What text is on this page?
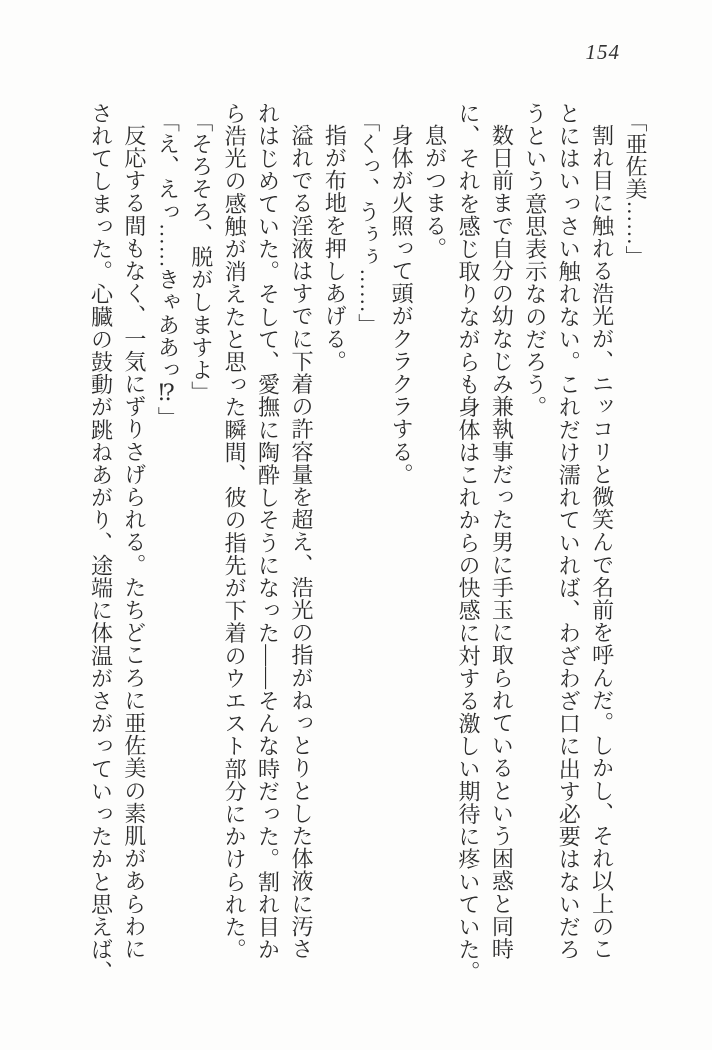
154

「亜佐美……」

割れ目に触れる浩光が、ニッコリと微笑んで名前を呼んだ。しかし、それ以上のこ

とにはいっさい触れない。これだけ濡れていれば、わざわざ口に出す必要はないだろ

うという意思表示なのだろう。

数日前まで自分の幼なじみ兼執事だった男に手玉に取られているという困惑と同時

に、それを感じ取りながらも身体はこれからの快感に対する激しい期待に疼いていた。

息がつまる。

身体が火照って頭がクラクラする。

「くっ、うぅぅ……」

指が布地を押しあげる。

溢れでる淫液はすでに下着の許容量を超え、浩光の指がねっとりとした体液に汚さ

れはじめていた。そして、愛撫に陶酔しそうになった――そんな時だった。割れ目か

ら浩光の感触が消えたと思った瞬間、彼の指先が下着のウエスト部分にかけられた。

「そろそろ、脱がしますよ」

「え、えっ……きゃああっ⁉」

反応する間もなく、一気にずりさげられる。たちどころに亜佐美の素肌があらわに

されてしまった。心臓の鼓動が跳ねあがり、途端に体温がさがっていったかと思えば、
